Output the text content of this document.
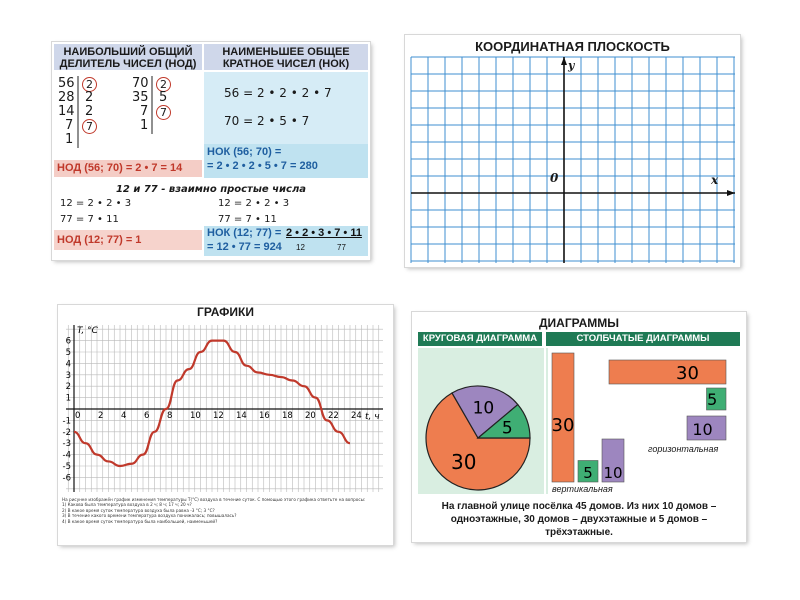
НАИБОЛЬШИЙ ОБЩИЙ
ДЕЛИТЕЛЬ ЧИСЕЛ (НОД)
НАИМЕНЬШЕЕ ОБЩЕЕ
КРАТНОЕ ЧИСЕЛ (НОК)
56
28
14
7
1
2
2
2
7
70
35
7
1
2
5
7
НОД (56; 70) = 2 • 7 = 14
56 = 2 • 2 • 2 • 7
70 = 2 • 5 • 7
НОК (56; 70) =
= 2 • 2 • 2 • 5 • 7 = 280
12 и 77 - взаимно простые числа
12 = 2 • 2 • 3
77 = 7 • 11
12 = 2 • 2 • 3
77 = 7 • 11
НОД (12; 77) = 1
НОК (12; 77) = 2 • 2 • 3 • 7 • 11
= 12 • 77 = 924 12	77
КООРДИНАТНАЯ ПЛОСКОСТЬ
y
x
0
ГРАФИКИ
T, °C
t, ч
0 2 4 6 8 10 12 14 16 18 20 22 24
6
5
4
3
2
1
-1
-2
-3
-4
-5
-6
На рисунке изображён график изменения температуры T(°C) воздуха в течение суток. С помощью этого графика ответьте на вопросы:
1) Какова была температура воздуха в 2 ч; 8 ч; 17 ч; 20 ч?
2) В какое время суток температура воздуха была равна -3 °C; 3 °C?
3) В течение какого времени температура воздуха понижалась; повышалась?
4) В какое время суток температура была наибольшей, наименьшей?
ДИАГРАММЫ
КРУГОВАЯ ДИАГРАММА	СТОЛБЧАТЫЕ ДИАГРАММЫ
30
10
5 30
5 10
30
5
10
вертикальная
горизонтальная
На главной улице посёлка 45 домов. Из них 10 домов – одноэтажные, 30 домов – двухэтажные и 5 домов – трёхэтажные.
